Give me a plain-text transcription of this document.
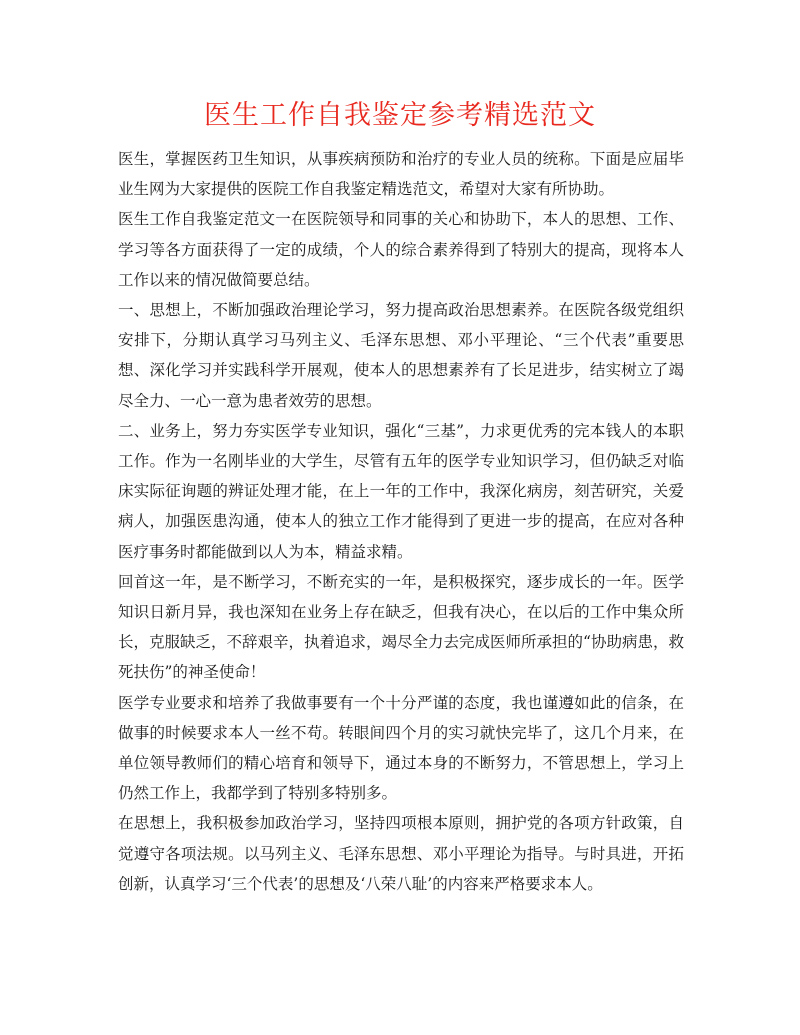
医生工作自我鉴定参考精选范文

医生，掌握医药卫生知识，从事疾病预防和治疗的专业人员的统称。下面是应届毕业生网为大家提供的医院工作自我鉴定精选范文，希望对大家有所协助。

医生工作自我鉴定范文一在医院领导和同事的关心和协助下，本人的思想、工作、学习等各方面获得了一定的成绩，个人的综合素养得到了特别大的提高，现将本人工作以来的情况做简要总结。

一、思想上，不断加强政治理论学习，努力提高政治思想素养。在医院各级党组织安排下，分期认真学习马列主义、毛泽东思想、邓小平理论、“三个代表”重要思想、深化学习并实践科学开展观，使本人的思想素养有了长足进步，结实树立了竭尽全力、一心一意为患者效劳的思想。

二、业务上，努力夯实医学专业知识，强化“三基”，力求更优秀的完本钱人的本职工作。作为一名刚毕业的大学生，尽管有五年的医学专业知识学习，但仍缺乏对临床实际征询题的辨证处理才能，在上一年的工作中，我深化病房，刻苦研究，关爱病人，加强医患沟通，使本人的独立工作才能得到了更进一步的提高，在应对各种医疗事务时都能做到以人为本，精益求精。

回首这一年，是不断学习，不断充实的一年，是积极探究，逐步成长的一年。医学知识日新月异，我也深知在业务上存在缺乏，但我有决心，在以后的工作中集众所长，克服缺乏，不辞艰辛，执着追求，竭尽全力去完成医师所承担的“协助病患，救死扶伤”的神圣使命！

医学专业要求和培养了我做事要有一个十分严谨的态度，我也谨遵如此的信条，在做事的时候要求本人一丝不苟。转眼间四个月的实习就快完毕了，这几个月来，在单位领导教师们的精心培育和领导下，通过本身的不断努力，不管思想上，学习上仍然工作上，我都学到了特别多特别多。

在思想上，我积极参加政治学习，坚持四项根本原则，拥护党的各项方针政策，自觉遵守各项法规。以马列主义、毛泽东思想、邓小平理论为指导。与时具进，开拓创新，认真学习‘三个代表’的思想及‘八荣八耻’的内容来严格要求本人。
